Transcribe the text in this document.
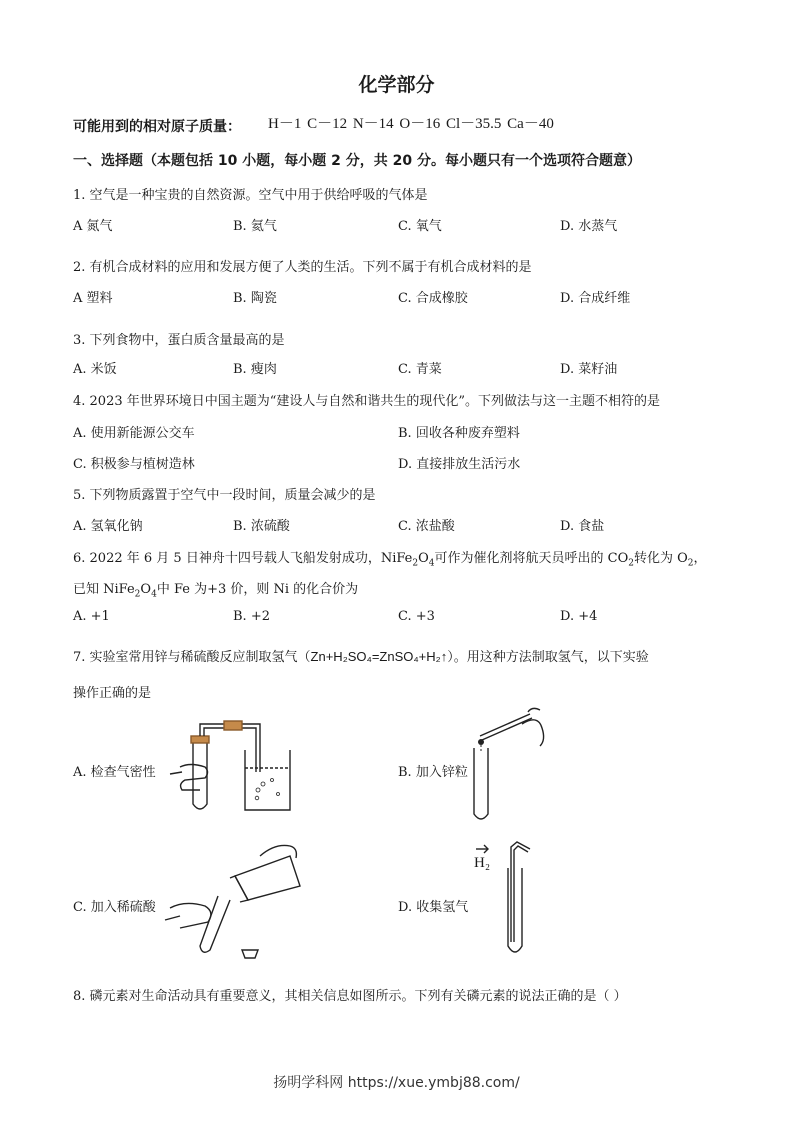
化学部分
可能用到的相对原子质量： H－1 C－12 N－14 O－16 Cl－35.5 Ca－40
一、选择题（本题包括 10 小题，每小题 2 分，共 20 分。每小题只有一个选项符合题意）
1. 空气是一种宝贵的自然资源。空气中用于供给呼吸的气体是
A 氮气	B. 氦气	C. 氧气	D. 水蒸气
2. 有机合成材料的应用和发展方便了人类的生活。下列不属于有机合成材料的是
A 塑料	B. 陶瓷	C. 合成橡胶	D. 合成纤维
3. 下列食物中，蛋白质含量最高的是
A. 米饭	B. 瘦肉	C. 青菜	D. 菜籽油
4. 2023 年世界环境日中国主题为“建设人与自然和谐共生的现代化”。下列做法与这一主题不相符的是
A. 使用新能源公交车	B. 回收各种废弃塑料
C. 积极参与植树造林	D. 直接排放生活污水
5. 下列物质露置于空气中一段时间，质量会减少的是
A. 氢氧化钠	B. 浓硫酸	C. 浓盐酸	D. 食盐
6. 2022 年 6 月 5 日神舟十四号载人飞船发射成功，$NiFe_2O_4$可作为催化剂将航天员呼出的 $CO_2$转化为 $O_2$，
已知 $NiFe_2O_4$中 Fe 为+3 价，则 Ni 的化合价为
A. +1	B. +2	C. +3	D. +4
7. 实验室常用锌与稀硫酸反应制取氢气（Zn+H₂SO₄=ZnSO₄+H₂↑）。用这种方法制取氢气，以下实验
操作正确的是
A. 检查气密性	B. 加入锌粒
C. 加入稀硫酸	D. 收集氢气
H₂
8. 磷元素对生命活动具有重要意义，其相关信息如图所示。下列有关磷元素的说法正确的是（ ）
扬明学科网 https://xue.ymbj88.com/
